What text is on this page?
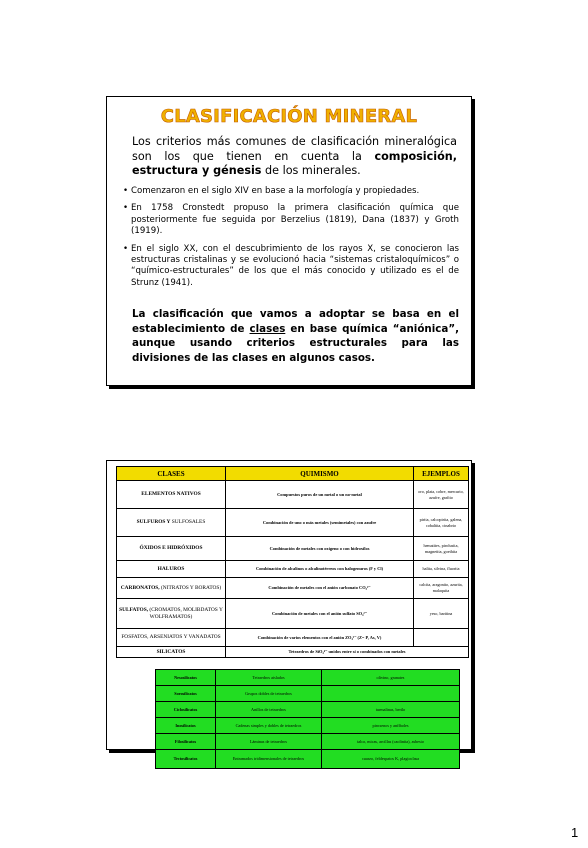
CLASIFICACIÓN MINERAL
Los criterios más comunes de clasificación mineralógica son los que tienen en cuenta la composición, estructura y génesis de los minerales.
• Comenzaron en el siglo XIV en base a la morfología y propiedades.
• En 1758 Cronstedt propuso la primera clasificación química que posteriormente fue seguida por Berzelius (1819), Dana (1837) y Groth (1919).
• En el siglo XX, con el descubrimiento de los rayos X, se conocieron las estructuras cristalinas y se evolucionó hacia “sistemas cristaloquímicos” o “químico-estructurales” de los que el más conocido y utilizado es el de Strunz (1941).
La clasificación que vamos a adoptar se basa en el establecimiento de clases en base química “aniónica”, aunque usando criterios estructurales para las divisiones de las clases en algunos casos.
CLASES	QUIMISMO	EJEMPLOS
ELEMENTOS NATIVOS	Compuestos puros de un metal o un no-metal	oro, plata, cobre, mercurio, azufre, grafito
SULFUROS Y SULFOSALES	Combinación de uno o más metales (semimetales) con azufre	pirita, calcopirita, galena, cobaltita, cinabrio
ÓXIDOS E HIDRÓXIDOS	Combinación de metales con oxígeno o con hidroxilos	hematites, pirolusita, magnetita, goethita
HALUROS	Combinación de alcalinos o alcalinotérreos con halogenuros (F y Cl)	halita, silvina, fluorita
CARBONATOS, (NITRATOS Y BORATOS)	Combinación de metales con el anión carbonato CO₃²⁻	calcita, aragonito, azurita, malaquita
SULFATOS, (CROMATOS, MOLIBDATOS Y WOLFRAMATOS)	Combinación de metales con el anión sulfato SO₄²⁻	yeso, baritina
FOSFATOS, ARSENIATOS Y VANADATOS	Combinación de varios elementos con el anión ZO₄³⁻ (Z= P, As, V)	
SILICATOS	Tetraedros de SiO₄⁴⁻ unidos entre sí o combinados con metales	
Nesosilicatos	Tetraedros aislados	olivino, granates
Sorosilicatos	Grupos dobles de tetraedros	
Ciclosilicatos	Anillos de tetraedros	turmalinas, berilo
Inosilicatos	Cadenas simples y dobles de tetraedros	piroxenos y anfíboles
Filosilicatos	Láminas de tetraedros	talco, micas, arcillas (caolinita), asbesto
Tectosilicatos	Entramados tridimensionales de tetraedros	cuarzo, feldespatos K, plagioclasa
1
